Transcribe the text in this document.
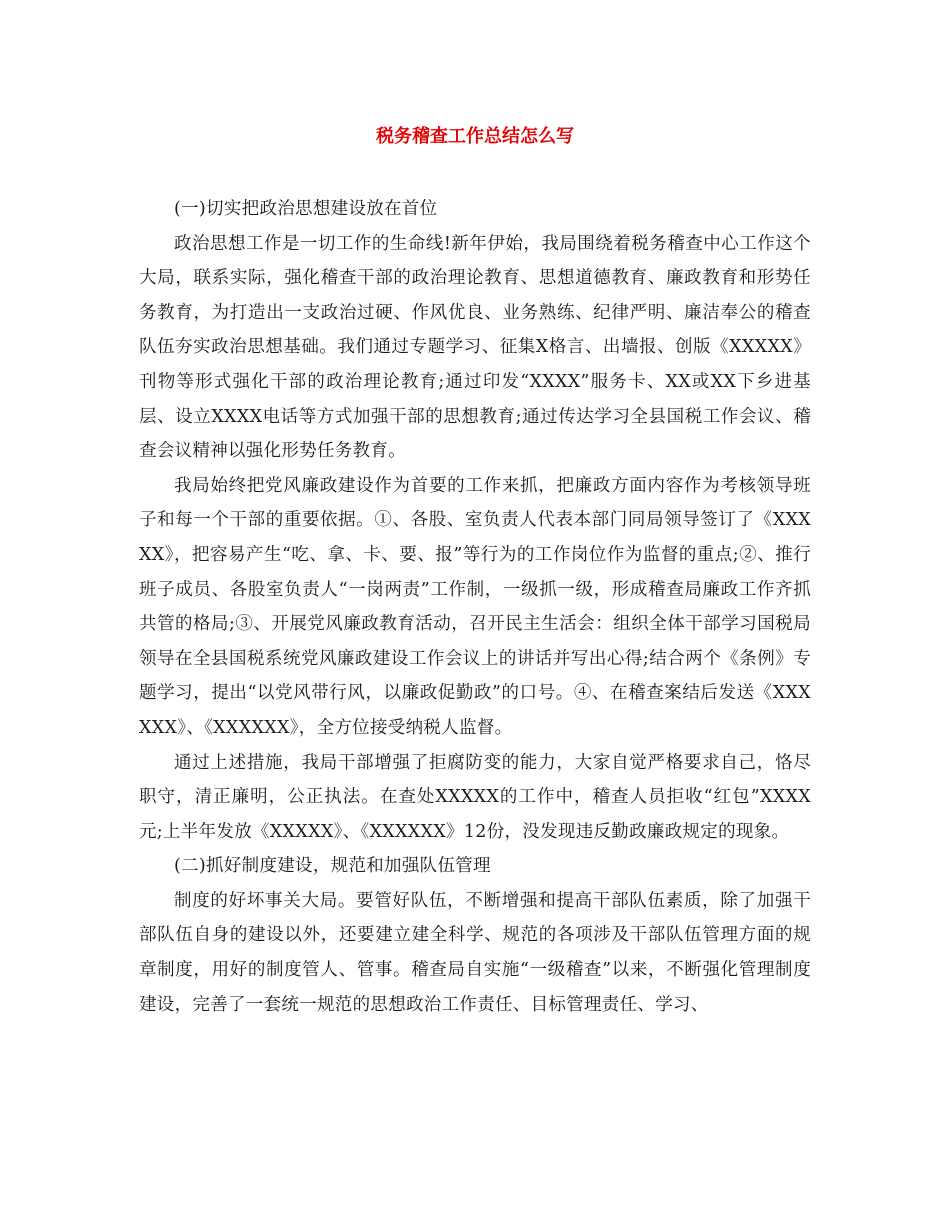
税务稽查工作总结怎么写

(一)切实把政治思想建设放在首位

政治思想工作是一切工作的生命线!新年伊始，我局围绕着税务稽查中心工作这个大局，联系实际，强化稽查干部的政治理论教育、思想道德教育、廉政教育和形势任务教育，为打造出一支政治过硬、作风优良、业务熟练、纪律严明、廉洁奉公的稽查队伍夯实政治思想基础。我们通过专题学习、征集X格言、出墙报、创版《XXXXX》刊物等形式强化干部的政治理论教育;通过印发“XXXX”服务卡、XX或XX下乡进基层、设立XXXX电话等方式加强干部的思想教育;通过传达学习全县国税工作会议、稽查会议精神以强化形势任务教育。

我局始终把党风廉政建设作为首要的工作来抓，把廉政方面内容作为考核领导班子和每一个干部的重要依据。①、各股、室负责人代表本部门同局领导签订了《XXXXX》，把容易产生“吃、拿、卡、要、报”等行为的工作岗位作为监督的重点;②、推行班子成员、各股室负责人“一岗两责”工作制，一级抓一级，形成稽查局廉政工作齐抓共管的格局;③、开展党风廉政教育活动，召开民主生活会：组织全体干部学习国税局领导在全县国税系统党风廉政建设工作会议上的讲话并写出心得;结合两个《条例》专题学习，提出“以党风带行风，以廉政促勤政”的口号。④、在稽查案结后发送《XXXXXX》、《XXXXXX》，全方位接受纳税人监督。

通过上述措施，我局干部增强了拒腐防变的能力，大家自觉严格要求自己，恪尽职守，清正廉明，公正执法。在查处XXXXX的工作中，稽查人员拒收“红包”XXXX元;上半年发放《XXXXX》、《XXXXXX》12份，没发现违反勤政廉政规定的现象。

(二)抓好制度建设，规范和加强队伍管理

制度的好坏事关大局。要管好队伍，不断增强和提高干部队伍素质，除了加强干部队伍自身的建设以外，还要建立建全科学、规范的各项涉及干部队伍管理方面的规章制度，用好的制度管人、管事。稽查局自实施“一级稽查”以来，不断强化管理制度建设，完善了一套统一规范的思想政治工作责任、目标管理责任、学习、
